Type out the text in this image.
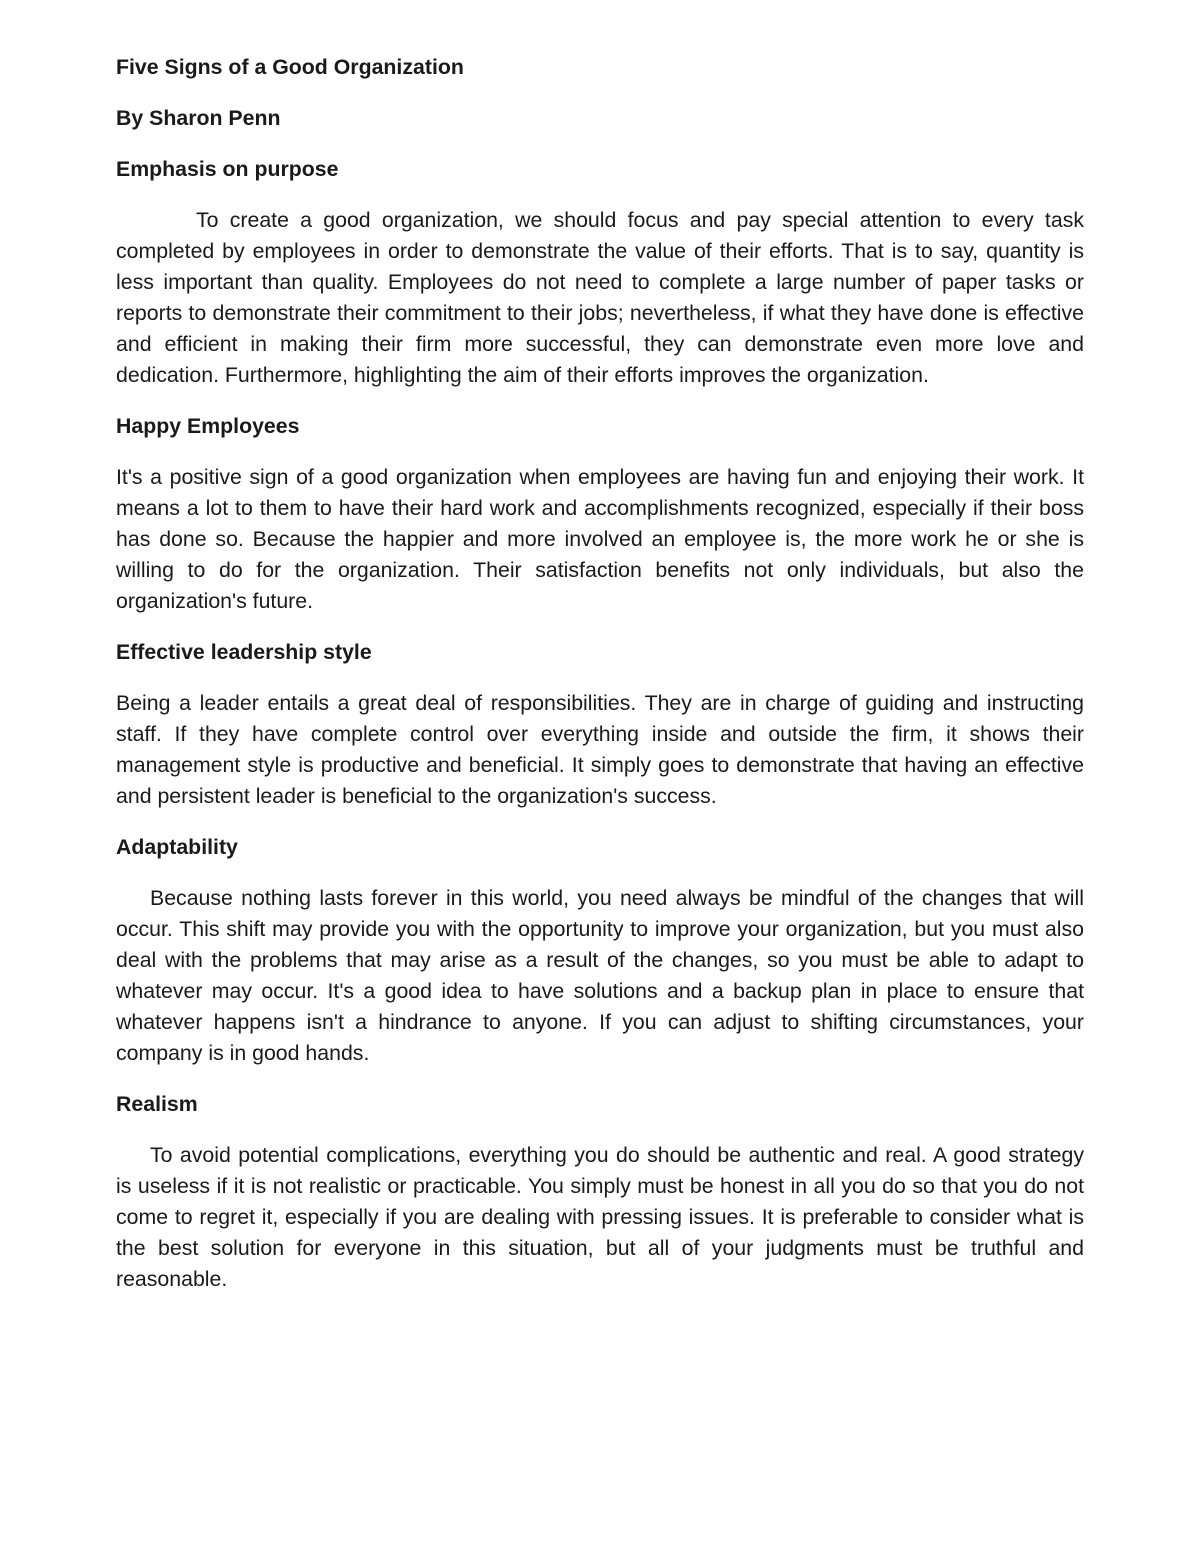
Five Signs of a Good Organization
By Sharon Penn
Emphasis on purpose

To create a good organization, we should focus and pay special attention to every task completed by employees in order to demonstrate the value of their efforts. That is to say, quantity is less important than quality. Employees do not need to complete a large number of paper tasks or reports to demonstrate their commitment to their jobs; nevertheless, if what they have done is effective and efficient in making their firm more successful, they can demonstrate even more love and dedication. Furthermore, highlighting the aim of their efforts improves the organization.

Happy Employees

It's a positive sign of a good organization when employees are having fun and enjoying their work. It means a lot to them to have their hard work and accomplishments recognized, especially if their boss has done so. Because the happier and more involved an employee is, the more work he or she is willing to do for the organization. Their satisfaction benefits not only individuals, but also the organization's future.

Effective leadership style

Being a leader entails a great deal of responsibilities. They are in charge of guiding and instructing staff. If they have complete control over everything inside and outside the firm, it shows their management style is productive and beneficial. It simply goes to demonstrate that having an effective and persistent leader is beneficial to the organization's success.

Adaptability

Because nothing lasts forever in this world, you need always be mindful of the changes that will occur. This shift may provide you with the opportunity to improve your organization, but you must also deal with the problems that may arise as a result of the changes, so you must be able to adapt to whatever may occur. It's a good idea to have solutions and a backup plan in place to ensure that whatever happens isn't a hindrance to anyone. If you can adjust to shifting circumstances, your company is in good hands.

Realism

To avoid potential complications, everything you do should be authentic and real. A good strategy is useless if it is not realistic or practicable. You simply must be honest in all you do so that you do not come to regret it, especially if you are dealing with pressing issues. It is preferable to consider what is the best solution for everyone in this situation, but all of your judgments must be truthful and reasonable.
